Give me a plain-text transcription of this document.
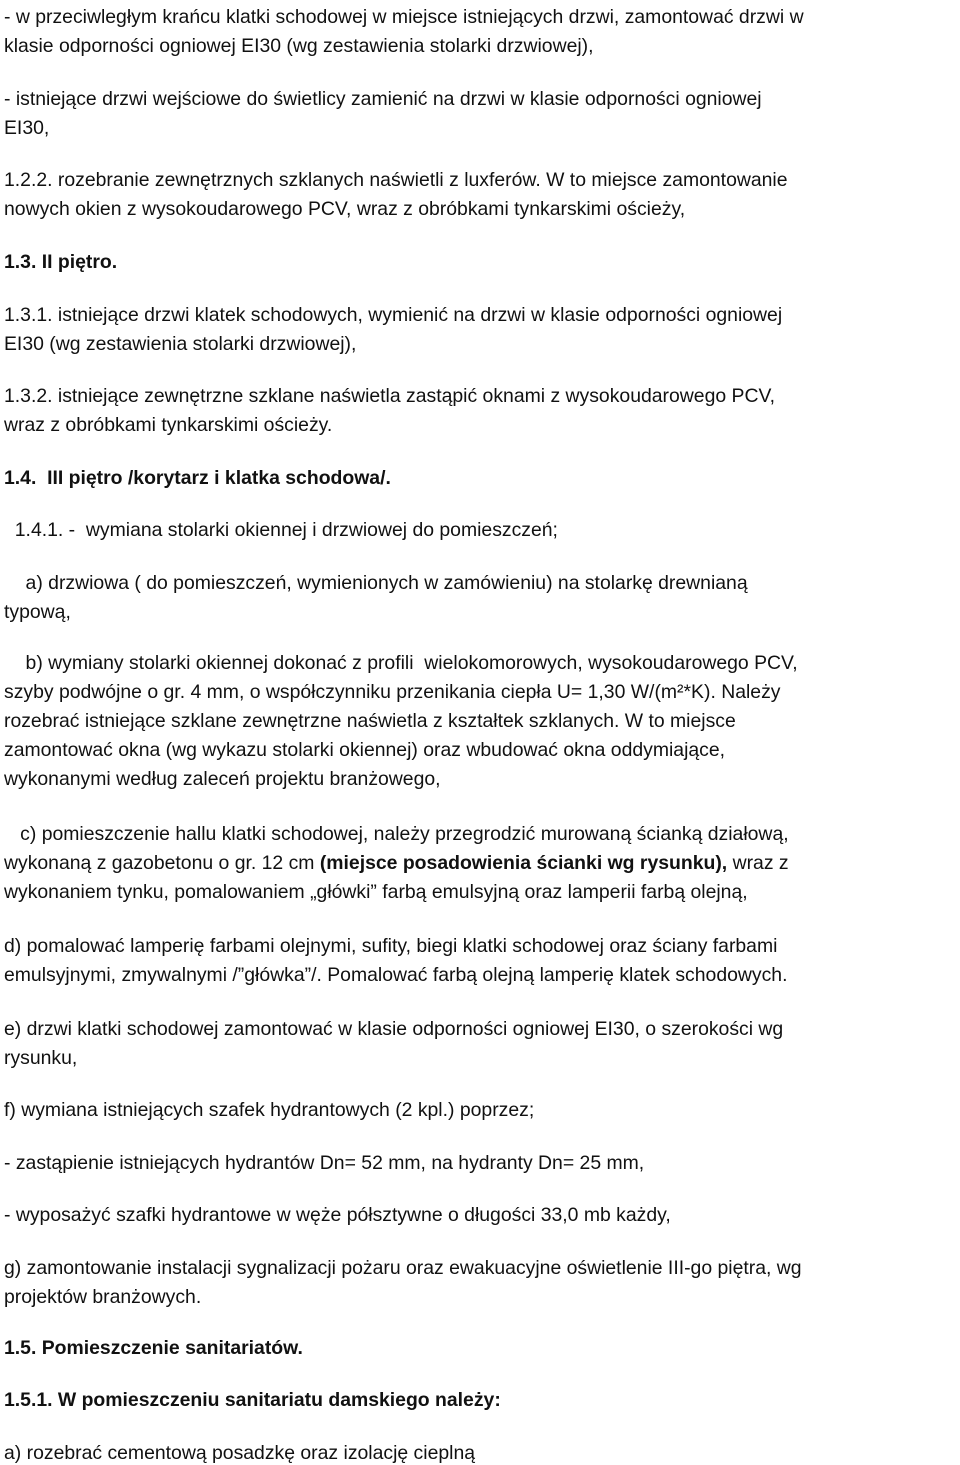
- w przeciwległym krańcu klatki schodowej w miejsce istniejących drzwi, zamontować drzwi w
klasie odporności ogniowej EI30 (wg zestawienia stolarki drzwiowej),
- istniejące drzwi wejściowe do świetlicy zamienić na drzwi w klasie odporności ogniowej
EI30,
1.2.2. rozebranie zewnętrznych szklanych naświetli z luxferów. W to miejsce zamontowanie
nowych okien z wysokoudarowego PCV, wraz z obróbkami tynkarskimi ościeży,
1.3. II piętro.
1.3.1. istniejące drzwi klatek schodowych, wymienić na drzwi w klasie odporności ogniowej
EI30 (wg zestawienia stolarki drzwiowej),
1.3.2. istniejące zewnętrzne szklane naświetla zastąpić oknami z wysokoudarowego PCV,
wraz z obróbkami tynkarskimi ościeży.
1.4.  III piętro /korytarz i klatka schodowa/.
1.4.1. -  wymiana stolarki okiennej i drzwiowej do pomieszczeń;
a) drzwiowa ( do pomieszczeń, wymienionych w zamówieniu) na stolarkę drewnianą
typową,
b) wymiany stolarki okiennej dokonać z profili  wielokomorowych, wysokoudarowego PCV,
szyby podwójne o gr. 4 mm, o współczynniku przenikania ciepła U= 1,30 W/(m²*K). Należy
rozebrać istniejące szklane zewnętrzne naświetla z kształtek szklanych. W to miejsce
zamontować okna (wg wykazu stolarki okiennej) oraz wbudować okna oddymiające,
wykonanymi według zaleceń projektu branżowego,
c) pomieszczenie hallu klatki schodowej, należy przegrodzić murowaną ścianką działową,
wykonaną z gazobetonu o gr. 12 cm (miejsce posadowienia ścianki wg rysunku), wraz z
wykonaniem tynku, pomalowaniem „główki” farbą emulsyjną oraz lamperii farbą olejną,
d) pomalować lamperię farbami olejnymi, sufity, biegi klatki schodowej oraz ściany farbami
emulsyjnymi, zmywalnymi /”główka”/. Pomalować farbą olejną lamperię klatek schodowych.
e) drzwi klatki schodowej zamontować w klasie odporności ogniowej EI30, o szerokości wg
rysunku,
f) wymiana istniejących szafek hydrantowych (2 kpl.) poprzez;
- zastąpienie istniejących hydrantów Dn= 52 mm, na hydranty Dn= 25 mm,
- wyposażyć szafki hydrantowe w węże półsztywne o długości 33,0 mb każdy,
g) zamontowanie instalacji sygnalizacji pożaru oraz ewakuacyjne oświetlenie III-go piętra, wg
projektów branżowych.
1.5. Pomieszczenie sanitariatów.
1.5.1. W pomieszczeniu sanitariatu damskiego należy:
a) rozebrać cementową posadzkę oraz izolację cieplną
